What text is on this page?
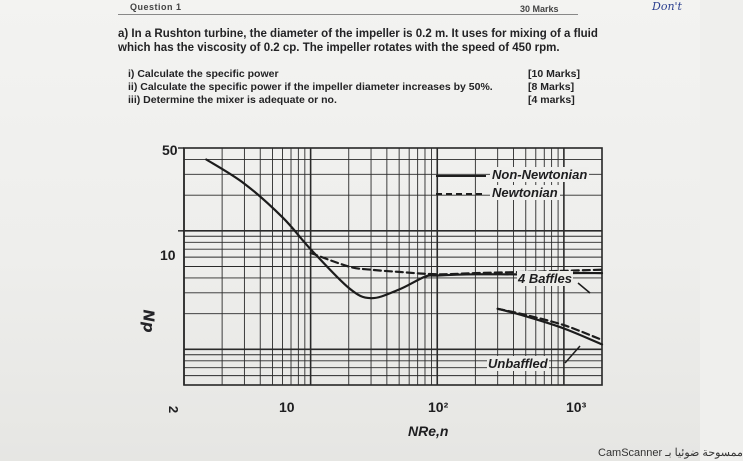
Question 1	30 Marks	Don't
a) In a Rushton turbine, the diameter of the impeller is 0.2 m. It uses for mixing of a fluid which has the viscosity of 0.2 cp. The impeller rotates with the speed of 450 rpm.
i) Calculate the specific power	[10 Marks]
ii) Calculate the specific power if the impeller diameter increases by 50%.	[8 Marks]
iii) Determine the mixer is adequate or no.	[4 marks]
50
10
2	10	10²	10³
Np
NRe,n
Non-Newtonian
Newtonian
4 Baffles
Unbaffled
CamScanner ممسوحة ضوئيا بـ
